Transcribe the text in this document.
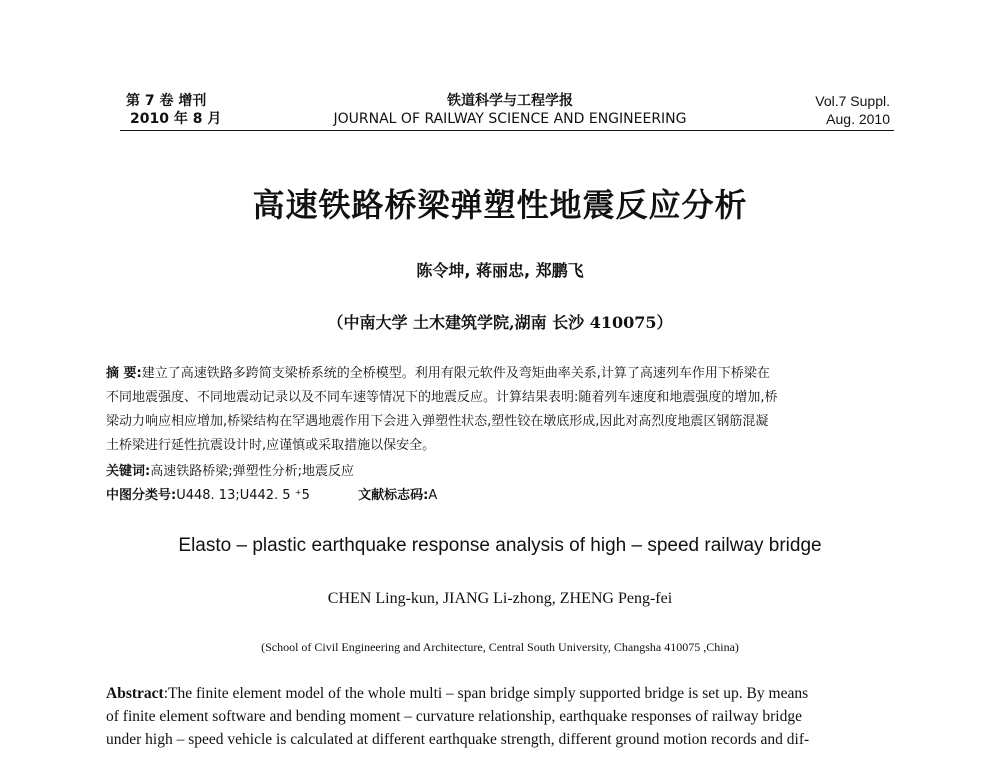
第 7 卷 增刊
2010 年 8 月
铁道科学与工程学报
JOURNAL OF RAILWAY SCIENCE AND ENGINEERING
Vol.7 Suppl.
Aug. 2010
高速铁路桥梁弹塑性地震反应分析
陈令坤, 蒋丽忠, 郑鹏飞
（中南大学 土木建筑学院,湖南 长沙 410075）
摘 要:建立了高速铁路多跨简支梁桥系统的全桥模型。利用有限元软件及弯矩曲率关系,计算了高速列车作用下桥梁在
不同地震强度、不同地震动记录以及不同车速等情况下的地震反应。计算结果表明:随着列车速度和地震强度的增加,桥
梁动力响应相应增加,桥梁结构在罕遇地震作用下会进入弹塑性状态,塑性铰在墩底形成,因此对高烈度地震区钢筋混凝
土桥梁进行延性抗震设计时,应谨慎或采取措施以保安全。
关键词:高速铁路桥梁;弹塑性分析;地震反应
中图分类号:U448. 13;U442. 5 ⁺5	文献标志码:A
Elasto – plastic earthquake response analysis of high – speed railway bridge
CHEN Ling-kun, JIANG Li-zhong, ZHENG Peng-fei
(School of Civil Engineering and Architecture, Central South University, Changsha 410075 ,China)
Abstract:The finite element model of the whole multi – span bridge simply supported bridge is set up. By means
of finite element software and bending moment – curvature relationship, earthquake responses of railway bridge
under high – speed vehicle is calculated at different earthquake strength, different ground motion records and dif-
